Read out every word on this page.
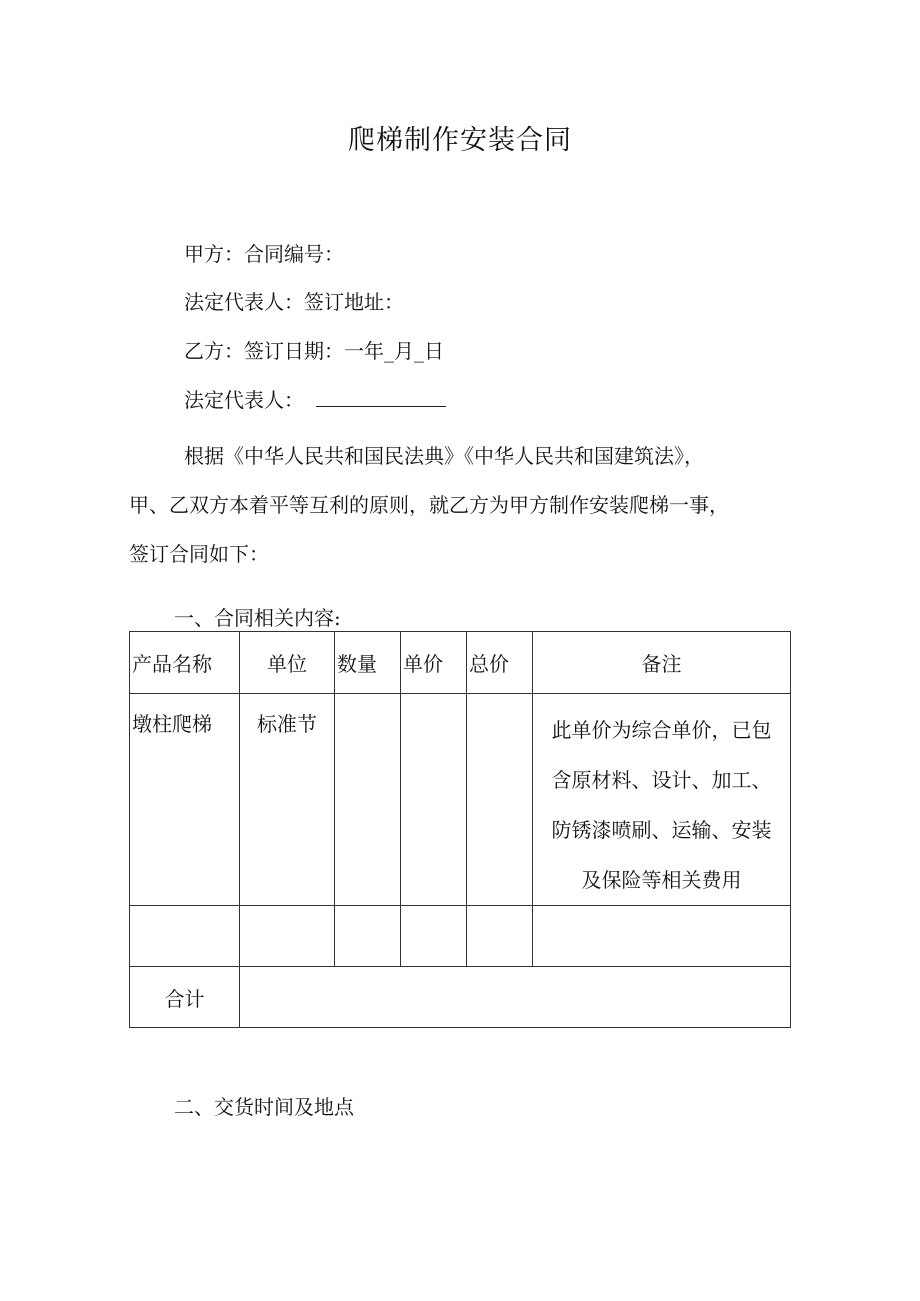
爬梯制作安装合同
甲方：合同编号：
法定代表人：签订地址：
乙方：签订日期：一年_月_日
法定代表人：
根据《中华人民共和国民法典》《中华人民共和国建筑法》，
甲、乙双方本着平等互利的原则，就乙方为甲方制作安装爬梯一事，
签订合同如下：
一、合同相关内容:
产品名称	单位	数量	单价	总价	备注
墩柱爬梯	标准节				此单价为综合单价，已包
含原材料、设计、加工、
防锈漆喷刷、运输、安装
及保险等相关费用

合计					
二、交货时间及地点
